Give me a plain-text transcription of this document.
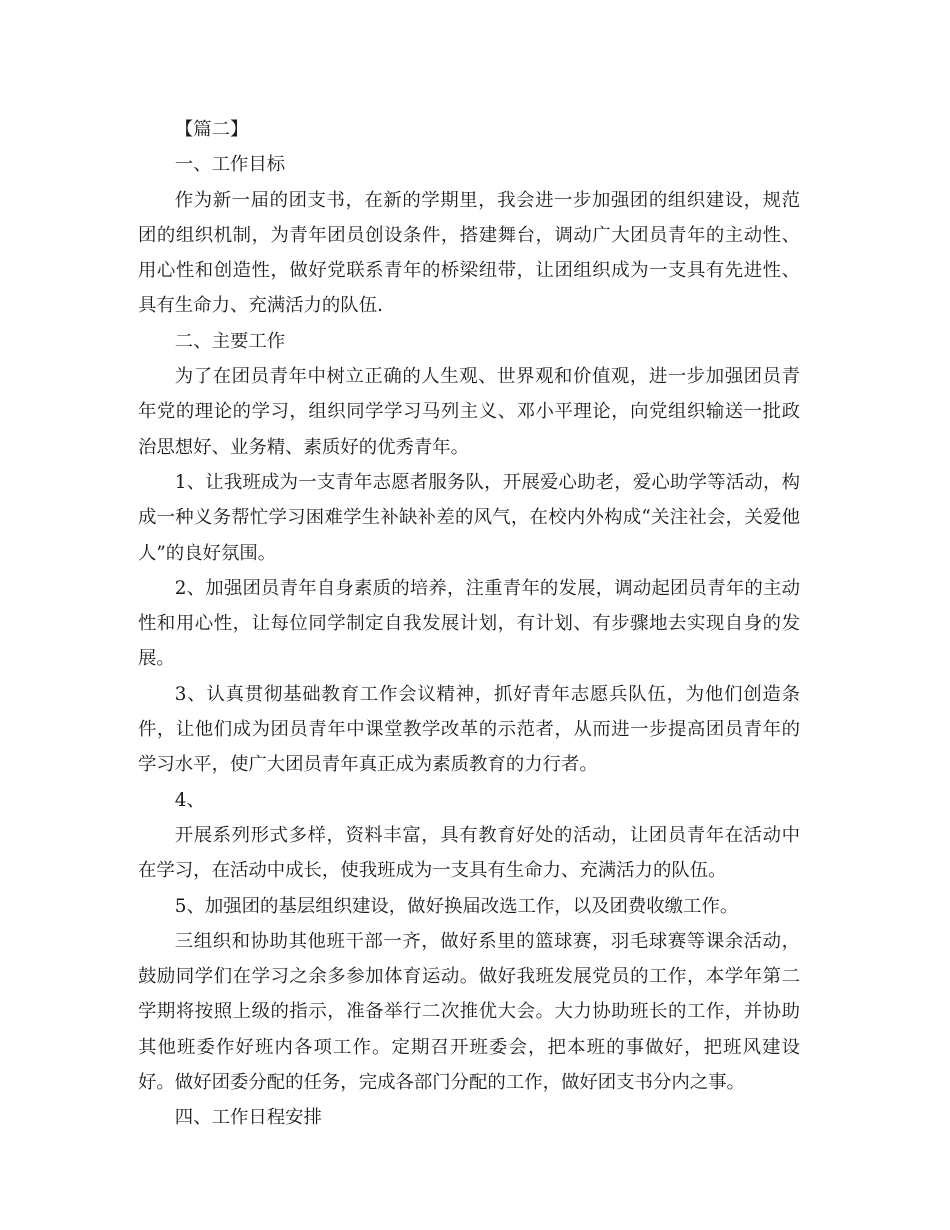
【篇二】

一、工作目标

作为新一届的团支书，在新的学期里，我会进一步加强团的组织建设，规范团的组织机制，为青年团员创设条件，搭建舞台，调动广大团员青年的主动性、用心性和创造性，做好党联系青年的桥梁纽带，让团组织成为一支具有先进性、具有生命力、充满活力的队伍.

二、主要工作

为了在团员青年中树立正确的人生观、世界观和价值观，进一步加强团员青年党的理论的学习，组织同学学习马列主义、邓小平理论，向党组织输送一批政治思想好、业务精、素质好的优秀青年。

1、让我班成为一支青年志愿者服务队，开展爱心助老，爱心助学等活动，构成一种义务帮忙学习困难学生补缺补差的风气，在校内外构成“关注社会，关爱他人”的良好氛围。

2、加强团员青年自身素质的培养，注重青年的发展，调动起团员青年的主动性和用心性，让每位同学制定自我发展计划，有计划、有步骤地去实现自身的发展。

3、认真贯彻基础教育工作会议精神，抓好青年志愿兵队伍，为他们创造条件，让他们成为团员青年中课堂教学改革的示范者，从而进一步提高团员青年的学习水平，使广大团员青年真正成为素质教育的力行者。

4、

开展系列形式多样，资料丰富，具有教育好处的活动，让团员青年在活动中在学习，在活动中成长，使我班成为一支具有生命力、充满活力的队伍。

5、加强团的基层组织建设，做好换届改选工作，以及团费收缴工作。

三组织和协助其他班干部一齐，做好系里的篮球赛，羽毛球赛等课余活动，鼓励同学们在学习之余多参加体育运动。做好我班发展党员的工作，本学年第二学期将按照上级的指示，准备举行二次推优大会。大力协助班长的工作，并协助其他班委作好班内各项工作。定期召开班委会，把本班的事做好，把班风建设好。做好团委分配的任务，完成各部门分配的工作，做好团支书分内之事。

四、工作日程安排
